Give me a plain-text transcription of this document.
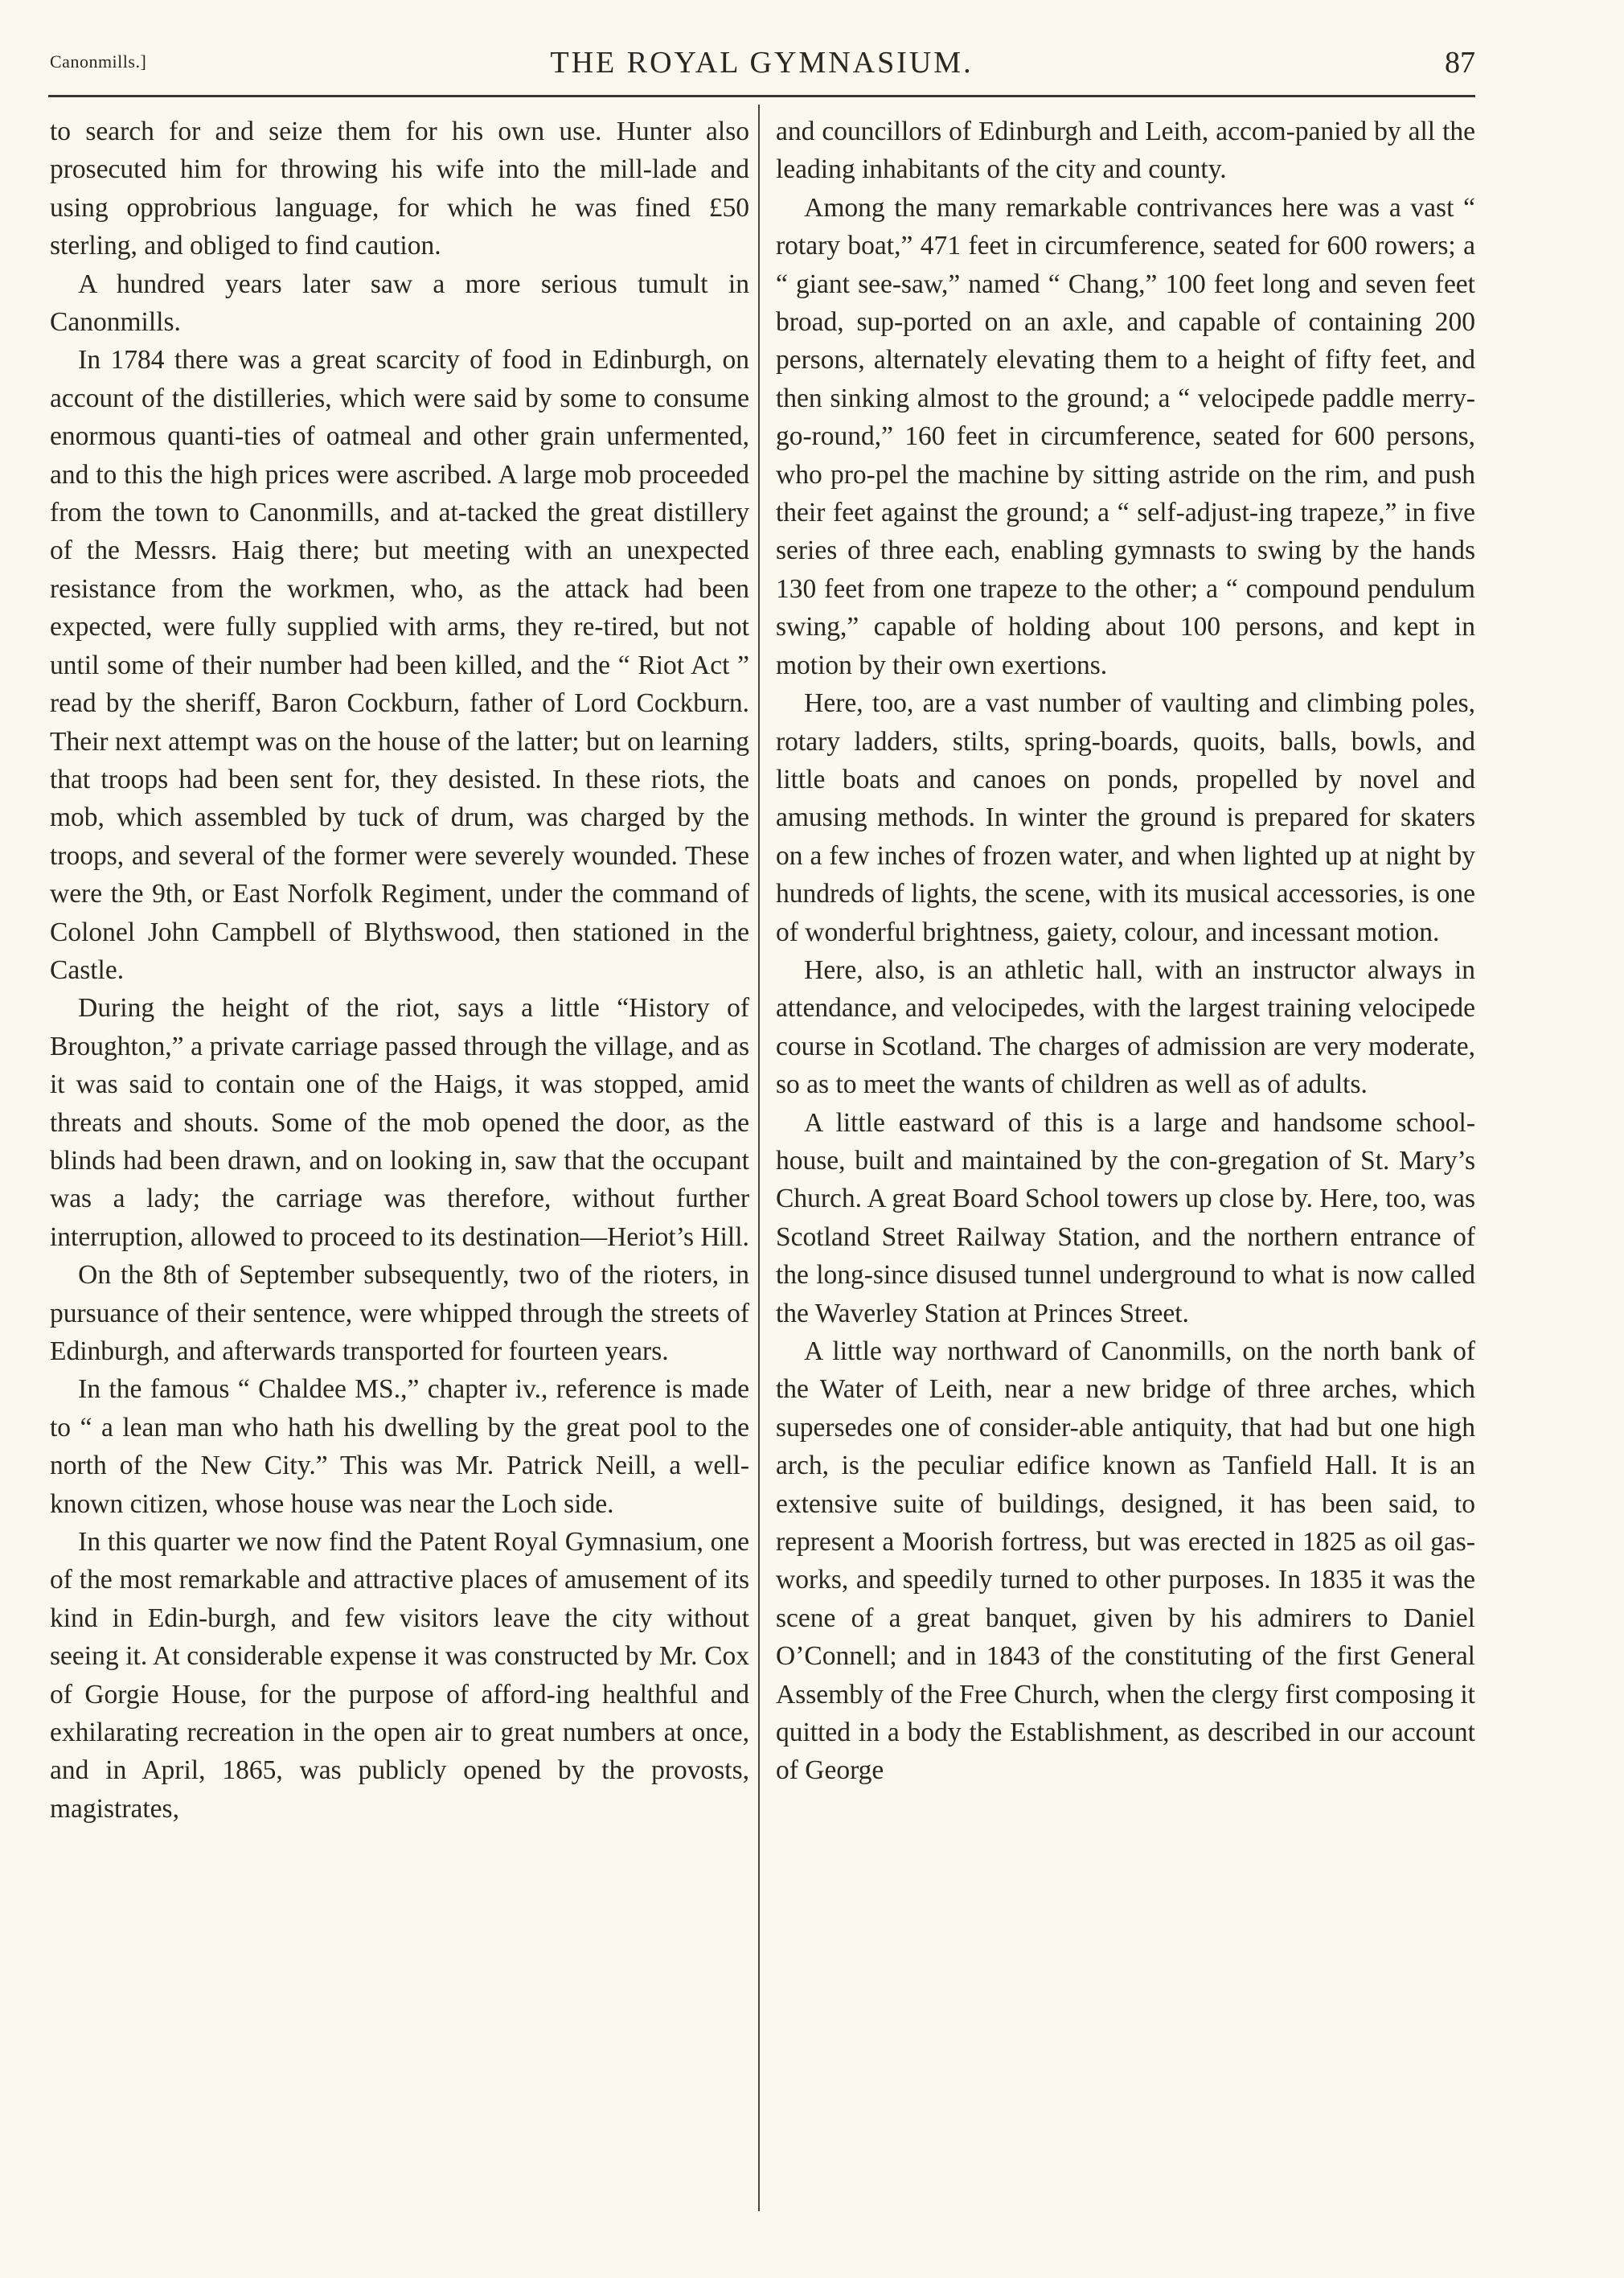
Canonmills.]	THE ROYAL GYMNASIUM.	87

to search for and seize them for his own use. Hunter also prosecuted him for throwing his wife into the mill-lade and using opprobrious language, for which he was fined £50 sterling, and obliged to find caution.

A hundred years later saw a more serious tumult in Canonmills.

In 1784 there was a great scarcity of food in Edinburgh, on account of the distilleries, which were said by some to consume enormous quanti-ties of oatmeal and other grain unfermented, and to this the high prices were ascribed. A large mob proceeded from the town to Canonmills, and at-tacked the great distillery of the Messrs. Haig there; but meeting with an unexpected resistance from the workmen, who, as the attack had been expected, were fully supplied with arms, they re-tired, but not until some of their number had been killed, and the “ Riot Act ” read by the sheriff, Baron Cockburn, father of Lord Cockburn. Their next attempt was on the house of the latter; but on learning that troops had been sent for, they desisted. In these riots, the mob, which assembled by tuck of drum, was charged by the troops, and several of the former were severely wounded. These were the 9th, or East Norfolk Regiment, under the command of Colonel John Campbell of Blythswood, then stationed in the Castle.

During the height of the riot, says a little “History of Broughton,” a private carriage passed through the village, and as it was said to contain one of the Haigs, it was stopped, amid threats and shouts. Some of the mob opened the door, as the blinds had been drawn, and on looking in, saw that the occupant was a lady; the carriage was therefore, without further interruption, allowed to proceed to its destination—Heriot’s Hill.

On the 8th of September subsequently, two of the rioters, in pursuance of their sentence, were whipped through the streets of Edinburgh, and afterwards transported for fourteen years.

In the famous “ Chaldee MS.,” chapter iv., reference is made to “ a lean man who hath his dwelling by the great pool to the north of the New City.” This was Mr. Patrick Neill, a well-known citizen, whose house was near the Loch side.

In this quarter we now find the Patent Royal Gymnasium, one of the most remarkable and attractive places of amusement of its kind in Edin-burgh, and few visitors leave the city without seeing it. At considerable expense it was constructed by Mr. Cox of Gorgie House, for the purpose of afford-ing healthful and exhilarating recreation in the open air to great numbers at once, and in April, 1865, was publicly opened by the provosts, magistrates,

and councillors of Edinburgh and Leith, accom-panied by all the leading inhabitants of the city and county.

Among the many remarkable contrivances here was a vast “ rotary boat,” 471 feet in circumference, seated for 600 rowers; a “ giant see-saw,” named “ Chang,” 100 feet long and seven feet broad, sup-ported on an axle, and capable of containing 200 persons, alternately elevating them to a height of fifty feet, and then sinking almost to the ground; a “ velocipede paddle merry-go-round,” 160 feet in circumference, seated for 600 persons, who pro-pel the machine by sitting astride on the rim, and push their feet against the ground; a “ self-adjust-ing trapeze,” in five series of three each, enabling gymnasts to swing by the hands 130 feet from one trapeze to the other; a “ compound pendulum swing,” capable of holding about 100 persons, and kept in motion by their own exertions.

Here, too, are a vast number of vaulting and climbing poles, rotary ladders, stilts, spring-boards, quoits, balls, bowls, and little boats and canoes on ponds, propelled by novel and amusing methods. In winter the ground is prepared for skaters on a few inches of frozen water, and when lighted up at night by hundreds of lights, the scene, with its musical accessories, is one of wonderful brightness, gaiety, colour, and incessant motion.

Here, also, is an athletic hall, with an instructor always in attendance, and velocipedes, with the largest training velocipede course in Scotland. The charges of admission are very moderate, so as to meet the wants of children as well as of adults.

A little eastward of this is a large and handsome school-house, built and maintained by the con-gregation of St. Mary’s Church. A great Board School towers up close by. Here, too, was Scotland Street Railway Station, and the northern entrance of the long-since disused tunnel underground to what is now called the Waverley Station at Princes Street.

A little way northward of Canonmills, on the north bank of the Water of Leith, near a new bridge of three arches, which supersedes one of consider-able antiquity, that had but one high arch, is the peculiar edifice known as Tanfield Hall. It is an extensive suite of buildings, designed, it has been said, to represent a Moorish fortress, but was erected in 1825 as oil gas-works, and speedily turned to other purposes. In 1835 it was the scene of a great banquet, given by his admirers to Daniel O’Connell; and in 1843 of the constituting of the first General Assembly of the Free Church, when the clergy first composing it quitted in a body the Establishment, as described in our account of George
